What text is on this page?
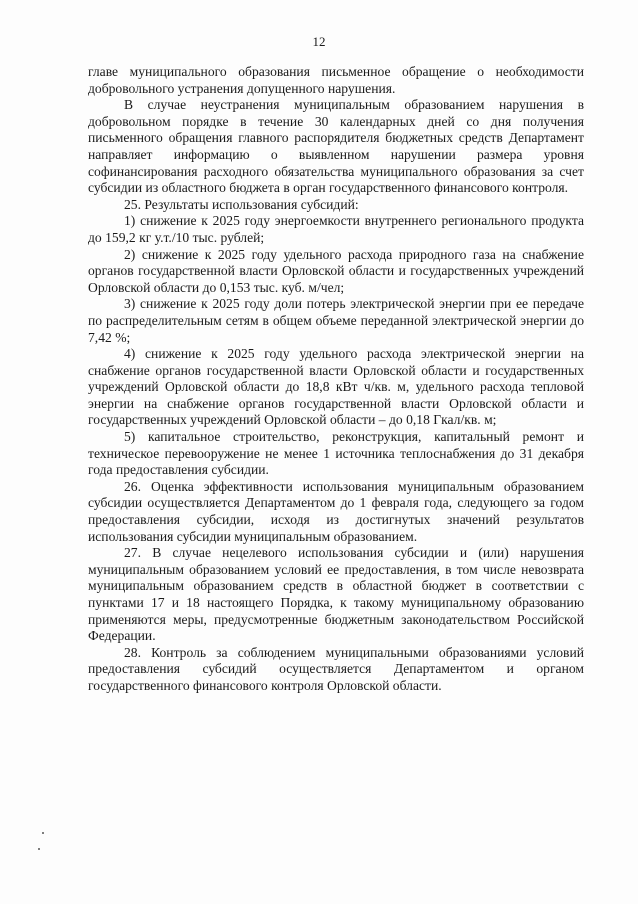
12

главе муниципального образования письменное обращение о необходимости добровольного устранения допущенного нарушения.

В случае неустранения муниципальным образованием нарушения в добровольном порядке в течение 30 календарных дней со дня получения письменного обращения главного распорядителя бюджетных средств Департамент направляет информацию о выявленном нарушении размера уровня софинансирования расходного обязательства муниципального образования за счет субсидии из областного бюджета в орган государственного финансового контроля.

25. Результаты использования субсидий:

1) снижение к 2025 году энергоемкости внутреннего регионального продукта до 159,2 кг у.т./10 тыс. рублей;

2) снижение к 2025 году удельного расхода природного газа на снабжение органов государственной власти Орловской области и государственных учреждений Орловской области до 0,153 тыс. куб. м/чел;

3) снижение к 2025 году доли потерь электрической энергии при ее передаче по распределительным сетям в общем объеме переданной электрической энергии до 7,42 %;

4) снижение к 2025 году удельного расхода электрической энергии на снабжение органов государственной власти Орловской области и государственных учреждений Орловской области до 18,8 кВт ч/кв. м, удельного расхода тепловой энергии на снабжение органов государственной власти Орловской области и государственных учреждений Орловской области – до 0,18 Гкал/кв. м;

5) капитальное строительство, реконструкция, капитальный ремонт и техническое перевооружение не менее 1 источника теплоснабжения до 31 декабря года предоставления субсидии.

26. Оценка эффективности использования муниципальным образованием субсидии осуществляется Департаментом до 1 февраля года, следующего за годом предоставления субсидии, исходя из достигнутых значений результатов использования субсидии муниципальным образованием.

27. В случае нецелевого использования субсидии и (или) нарушения муниципальным образованием условий ее предоставления, в том числе невозврата муниципальным образованием средств в областной бюджет в соответствии с пунктами 17 и 18 настоящего Порядка, к такому муниципальному образованию применяются меры, предусмотренные бюджетным законодательством Российской Федерации.

28. Контроль за соблюдением муниципальными образованиями условий предоставления субсидий осуществляется Департаментом и органом государственного финансового контроля Орловской области.
